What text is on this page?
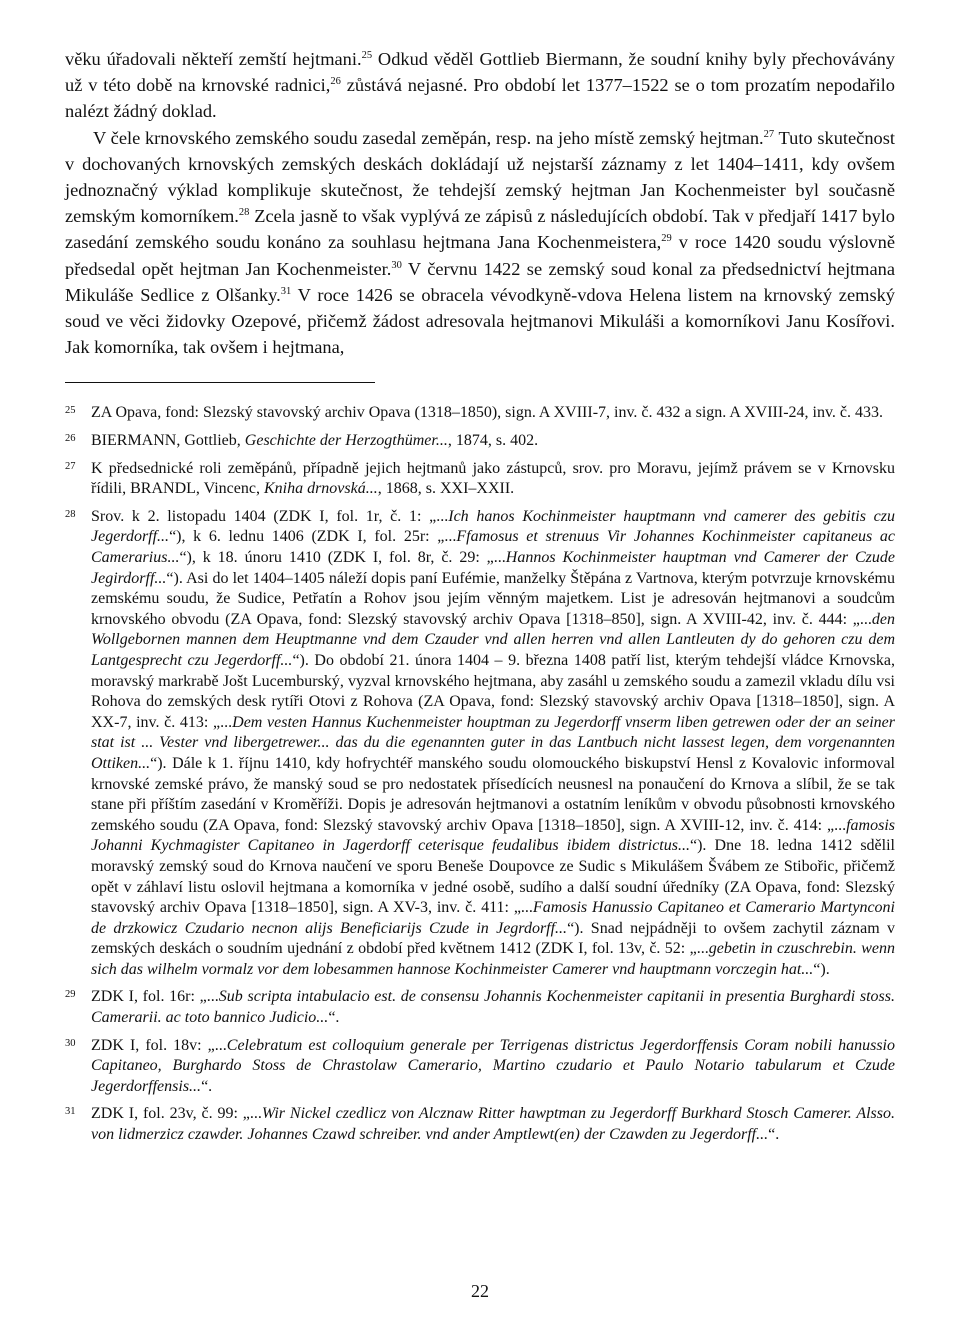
věku úřadovali někteří zemští hejtmani.$^{25}$ Odkud věděl Gottlieb Biermann, že soudní knihy byly přechovávány už v této době na krnovské radnici,$^{26}$ zůstává nejasné. Pro období let 1377–1522 se o tom prozatím nepodařilo nalézt žádný doklad.

V čele krnovského zemského soudu zasedal zeměpán, resp. na jeho místě zemský hejtman.$^{27}$ Tuto skutečnost v dochovaných krnovských zemských deskách dokládají už nejstarší záznamy z let 1404–1411, kdy ovšem jednoznačný výklad komplikuje skutečnost, že tehdejší zemský hejtman Jan Kochenmeister byl současně zemským komorníkem.$^{28}$ Zcela jasně to však vyplývá ze zápisů z následujících období. Tak v předjaří 1417 bylo zasedání zemského soudu konáno za souhlasu hejtmana Jana Kochenmeistera,$^{29}$ v roce 1420 soudu výslovně předsedal opět hejtman Jan Kochenmeister.$^{30}$ V červnu 1422 se zemský soud konal za předsednictví hejtmana Mikuláše Sedlice z Olšanky.$^{31}$ V roce 1426 se obracela vévodkyně-vdova Helena listem na krnovský zemský soud ve věci židovky Ozepové, přičemž žádost adresovala hejtmanovi Mikuláši a komorníkovi Janu Kosířovi. Jak komorníka, tak ovšem i hejtmana,

25 ZA Opava, fond: Slezský stavovský archiv Opava (1318–1850), sign. A XVIII-7, inv. č. 432 a sign. A XVIII-24, inv. č. 433.
26 BIERMANN, Gottlieb, Geschichte der Herzogthümer..., 1874, s. 402.
27 K předsednické roli zeměpánů, případně jejich hejtmanů jako zástupců, srov. pro Moravu, jejímž právem se v Krnovsku řídili, BRANDL, Vincenc, Kniha drnovská..., 1868, s. XXI–XXII.
28 Srov. k 2. listopadu 1404 (ZDK I, fol. 1r, č. 1: „...Ich hanos Kochinmeister hauptmann vnd camerer des gebitis czu Jegerdorff...“), k 6. lednu 1406 (ZDK I, fol. 25r: „...Ffamosus et strenuus Vir Johannes Kochinmeister capitaneus ac Camerarius...“), k 18. únoru 1410 (ZDK I, fol. 8r, č. 29: „...Hannos Kochinmeister hauptman vnd Camerer der Czude Jegirdorff...“). Asi do let 1404–1405 náleží dopis paní Eufémie, manželky Štěpána z Vartnova, kterým potvrzuje krnovskému zemskému soudu, že Sudice, Petřatín a Rohov jsou jejím věnným majetkem. List je adresován hejtmanovi a soudcům krnovského obvodu (ZA Opava, fond: Slezský stavovský archiv Opava [1318–850], sign. A XVIII-42, inv. č. 444: „...den Wollgebornen mannen dem Heuptmanne vnd dem Czauder vnd allen herren vnd allen Lantleuten dy do gehoren czu dem Lantgesprecht czu Jegerdorff...“). Do období 21. února 1404 – 9. března 1408 patří list, kterým tehdejší vládce Krnovska, moravský markrabě Jošt Lucemburský, vyzval krnovského hejtmana, aby zasáhl u zemského soudu a zamezil vkladu dílu vsi Rohova do zemských desk rytíři Otovi z Rohova (ZA Opava, fond: Slezský stavovský archiv Opava [1318–1850], sign. A XX-7, inv. č. 413: „...Dem vesten Hannus Kuchenmeister houptman zu Jegerdorff vnserm liben getrewen oder der an seiner stat ist ... Vester vnd libergetrewer... das du die egenannten guter in das Lantbuch nicht lassest legen, dem vorgenannten Ottiken...“). Dále k 1. říjnu 1410, kdy hofrychtéř manského soudu olomouckého biskupství Hensl z Kovalovic informoval krnovské zemské právo, že manský soud se pro nedostatek přísedících neusnesl na ponaučení do Krnova a slíbil, že se tak stane při příštím zasedání v Kroměříži. Dopis je adresován hejtmanovi a ostatním leníkům v obvodu působnosti krnovského zemského soudu (ZA Opava, fond: Slezský stavovský archiv Opava [1318–1850], sign. A XVIII-12, inv. č. 414: „...famosis Johanni Kychmagister Capitaneo in Jagerdorff ceterisque feudalibus ibidem districtus...“). Dne 18. ledna 1412 sdělil moravský zemský soud do Krnova naučení ve sporu Beneše Doupovce ze Sudic s Mikulášem Švábem ze Stibořic, přičemž opět v záhlaví listu oslovil hejtmana a komorníka v jedné osobě, sudího a další soudní úředníky (ZA Opava, fond: Slezský stavovský archiv Opava [1318–1850], sign. A XV-3, inv. č. 411: „...Famosis Hanussio Capitaneo et Camerario Martynconi de drzkowicz Czudario necnon alijs Beneficiarijs Czude in Jegrdorff...“). Snad nejpádněji to ovšem zachytil záznam v zemských deskách o soudním ujednání z období před květnem 1412 (ZDK I, fol. 13v, č. 52: „...gebetin in czuschrebin. wenn sich das wilhelm vormalz vor dem lobesammen hannose Kochinmeister Camerer vnd hauptmann vorczegin hat...“).
29 ZDK I, fol. 16r: „...Sub scripta intabulacio est. de consensu Johannis Kochenmeister capitanii in presentia Burghardi stoss. Camerarii. ac toto bannico Judicio...“.
30 ZDK I, fol. 18v: „...Celebratum est colloquium generale per Terrigenas districtus Jegerdorffensis Coram nobili hanussio Capitaneo, Burghardo Stoss de Chrastolaw Camerario, Martino czudario et Paulo Notario tabularum et Czude Jegerdorffensis...“.
31 ZDK I, fol. 23v, č. 99: „...Wir Nickel czedlicz von Alcznaw Ritter hawptman zu Jegerdorff Burkhard Stosch Camerer. Alsso. von lidmerzicz czawder. Johannes Czawd schreiber. vnd ander Amptlewt(en) der Czawden zu Jegerdorff...“.
22
